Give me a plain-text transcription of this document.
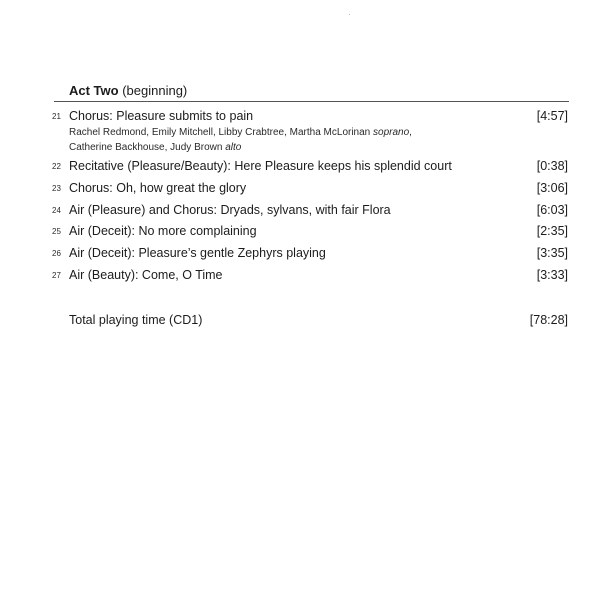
Act Two (beginning)
21 Chorus: Pleasure submits to pain	[4:57]
Rachel Redmond, Emily Mitchell, Libby Crabtree, Martha McLorinan soprano,
Catherine Backhouse, Judy Brown alto
22 Recitative (Pleasure/Beauty): Here Pleasure keeps his splendid court	[0:38]
23 Chorus: Oh, how great the glory	[3:06]
24 Air (Pleasure) and Chorus: Dryads, sylvans, with fair Flora	[6:03]
25 Air (Deceit): No more complaining	[2:35]
26 Air (Deceit): Pleasure’s gentle Zephyrs playing	[3:35]
27 Air (Beauty): Come, O Time	[3:33]
Total playing time (CD1)	[78:28]
